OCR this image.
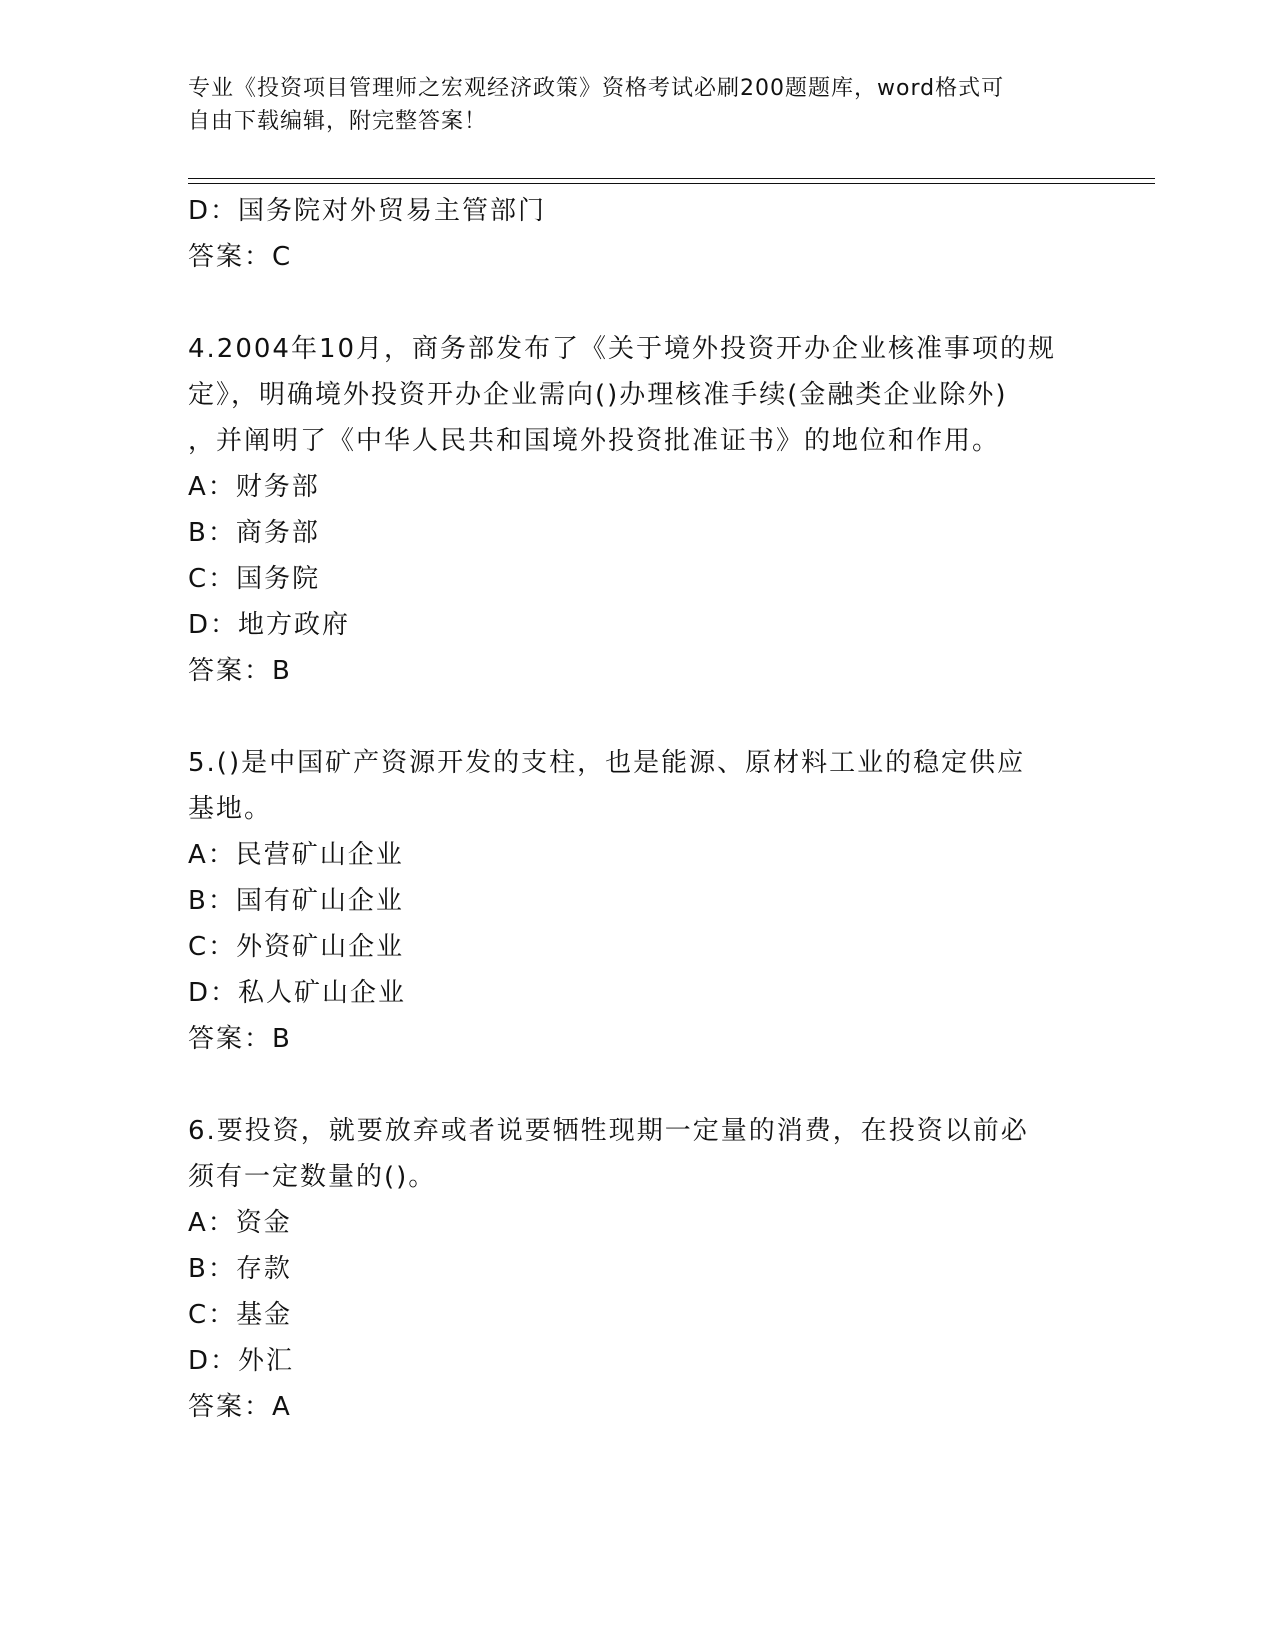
专业《投资项目管理师之宏观经济政策》资格考试必刷200题题库，word格式可
自由下载编辑，附完整答案！
D：国务院对外贸易主管部门
答案：C
4.2004年10月，商务部发布了《关于境外投资开办企业核准事项的规
定》，明确境外投资开办企业需向()办理核准手续(金融类企业除外)
，并阐明了《中华人民共和国境外投资批准证书》的地位和作用。
A：财务部
B：商务部
C：国务院
D：地方政府
答案：B
5.()是中国矿产资源开发的支柱，也是能源、原材料工业的稳定供应
基地。
A：民营矿山企业
B：国有矿山企业
C：外资矿山企业
D：私人矿山企业
答案：B
6.要投资，就要放弃或者说要牺牲现期一定量的消费，在投资以前必
须有一定数量的()。
A：资金
B：存款
C：基金
D：外汇
答案：A
